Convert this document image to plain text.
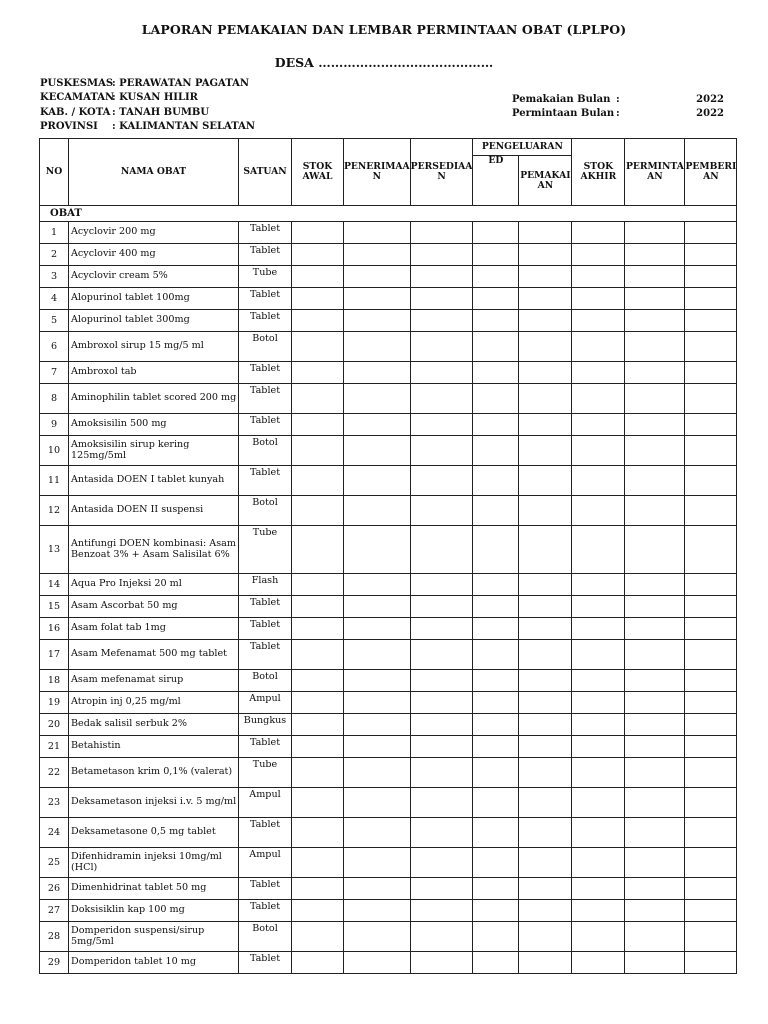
LAPORAN PEMAKAIAN DAN LEMBAR PERMINTAAN OBAT (LPLPO)
DESA ……………………………………
PUSKESMAS: PERAWATAN PAGATAN
KECAMATAN: KUSAN HILIR
KAB. / KOTA : TANAH BUMBU
PROVINSI : KALIMANTAN SELATAN
Pemakaian Bulan :	2022
Permintaan Bulan :	2022
NO	NAMA OBAT	SATUAN	STOK AWAL	PENERIMAA N	PERSEDIAA N	PENGELUARAN		STOK AKHIR	PERMINTA AN	PEMBERI AN
						ED	PEMAKAI AN			
OBAT										
1	Acyclovir 200 mg	Tablet								
2	Acyclovir 400 mg	Tablet								
3	Acyclovir cream 5%	Tube								
4	Alopurinol tablet 100mg	Tablet								
5	Alopurinol tablet 300mg	Tablet								
6	Ambroxol sirup 15 mg/5 ml	Botol								
7	Ambroxol tab	Tablet								
8	Aminophilin tablet scored 200 mg	Tablet								
9	Amoksisilin 500 mg	Tablet								
10	Amoksisilin sirup kering 125mg/5ml	Botol								
11	Antasida DOEN I tablet kunyah	Tablet								
12	Antasida DOEN II suspensi	Botol								
13	Antifungi DOEN kombinasi: Asam Benzoat 3% + Asam Salisilat 6%	Tube								
14	Aqua Pro Injeksi 20 ml	Flash								
15	Asam Ascorbat 50 mg	Tablet								
16	Asam folat tab 1mg	Tablet								
17	Asam Mefenamat 500 mg tablet	Tablet								
18	Asam mefenamat sirup	Botol								
19	Atropin inj 0,25 mg/ml	Ampul								
20	Bedak salisil serbuk 2%	Bungkus								
21	Betahistin	Tablet								
22	Betametason krim 0,1% (valerat)	Tube								
23	Deksametason injeksi i.v. 5 mg/ml	Ampul								
24	Deksametasone 0,5 mg tablet	Tablet								
25	Difenhidramin injeksi 10mg/ml (HCl)	Ampul								
26	Dimenhidrinat tablet 50 mg	Tablet								
27	Doksisiklin kap 100 mg	Tablet								
28	Domperidon suspensi/sirup 5mg/5ml	Botol								
29	Domperidon tablet 10 mg	Tablet								
